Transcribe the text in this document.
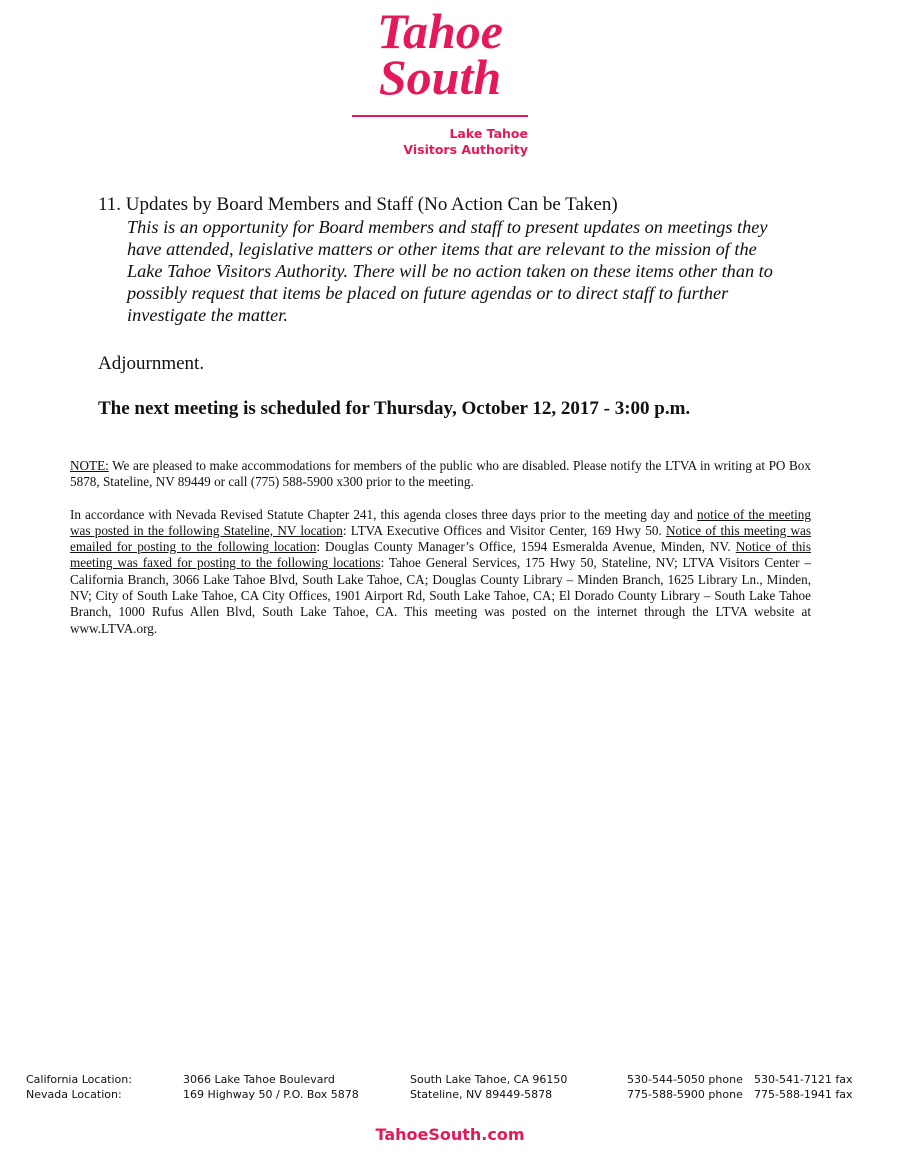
Tahoe
South
Lake Tahoe
Visitors Authority
11. Updates by Board Members and Staff (No Action Can be Taken)
This is an opportunity for Board members and staff to present updates on meetings they
have attended, legislative matters or other items that are relevant to the mission of the
Lake Tahoe Visitors Authority. There will be no action taken on these items other than to
possibly request that items be placed on future agendas or to direct staff to further
investigate the matter.
Adjournment.
The next meeting is scheduled for Thursday, October 12, 2017 - 3:00 p.m.

NOTE: We are pleased to make accommodations for members of the public who are disabled. Please notify the LTVA in writing at PO Box 5878, Stateline, NV 89449 or call (775) 588-5900 x300 prior to the meeting.

In accordance with Nevada Revised Statute Chapter 241, this agenda closes three days prior to the meeting day and notice of the meeting was posted in the following Stateline, NV location: LTVA Executive Offices and Visitor Center, 169 Hwy 50. Notice of this meeting was emailed for posting to the following location: Douglas County Manager’s Office, 1594 Esmeralda Avenue, Minden, NV. Notice of this meeting was faxed for posting to the following locations: Tahoe General Services, 175 Hwy 50, Stateline, NV; LTVA Visitors Center – California Branch, 3066 Lake Tahoe Blvd, South Lake Tahoe, CA; Douglas County Library – Minden Branch, 1625 Library Ln., Minden, NV; City of South Lake Tahoe, CA City Offices, 1901 Airport Rd, South Lake Tahoe, CA; El Dorado County Library – South Lake Tahoe Branch, 1000 Rufus Allen Blvd, South Lake Tahoe, CA. This meeting was posted on the internet through the LTVA website at www.LTVA.org.

California Location:	3066 Lake Tahoe Boulevard	South Lake Tahoe, CA 96150	530-544-5050 phone 530-541-7121 fax
Nevada Location:	169 Highway 50 / P.O. Box 5878	Stateline, NV 89449-5878	775-588-5900 phone 775-588-1941 fax
TahoeSouth.com
